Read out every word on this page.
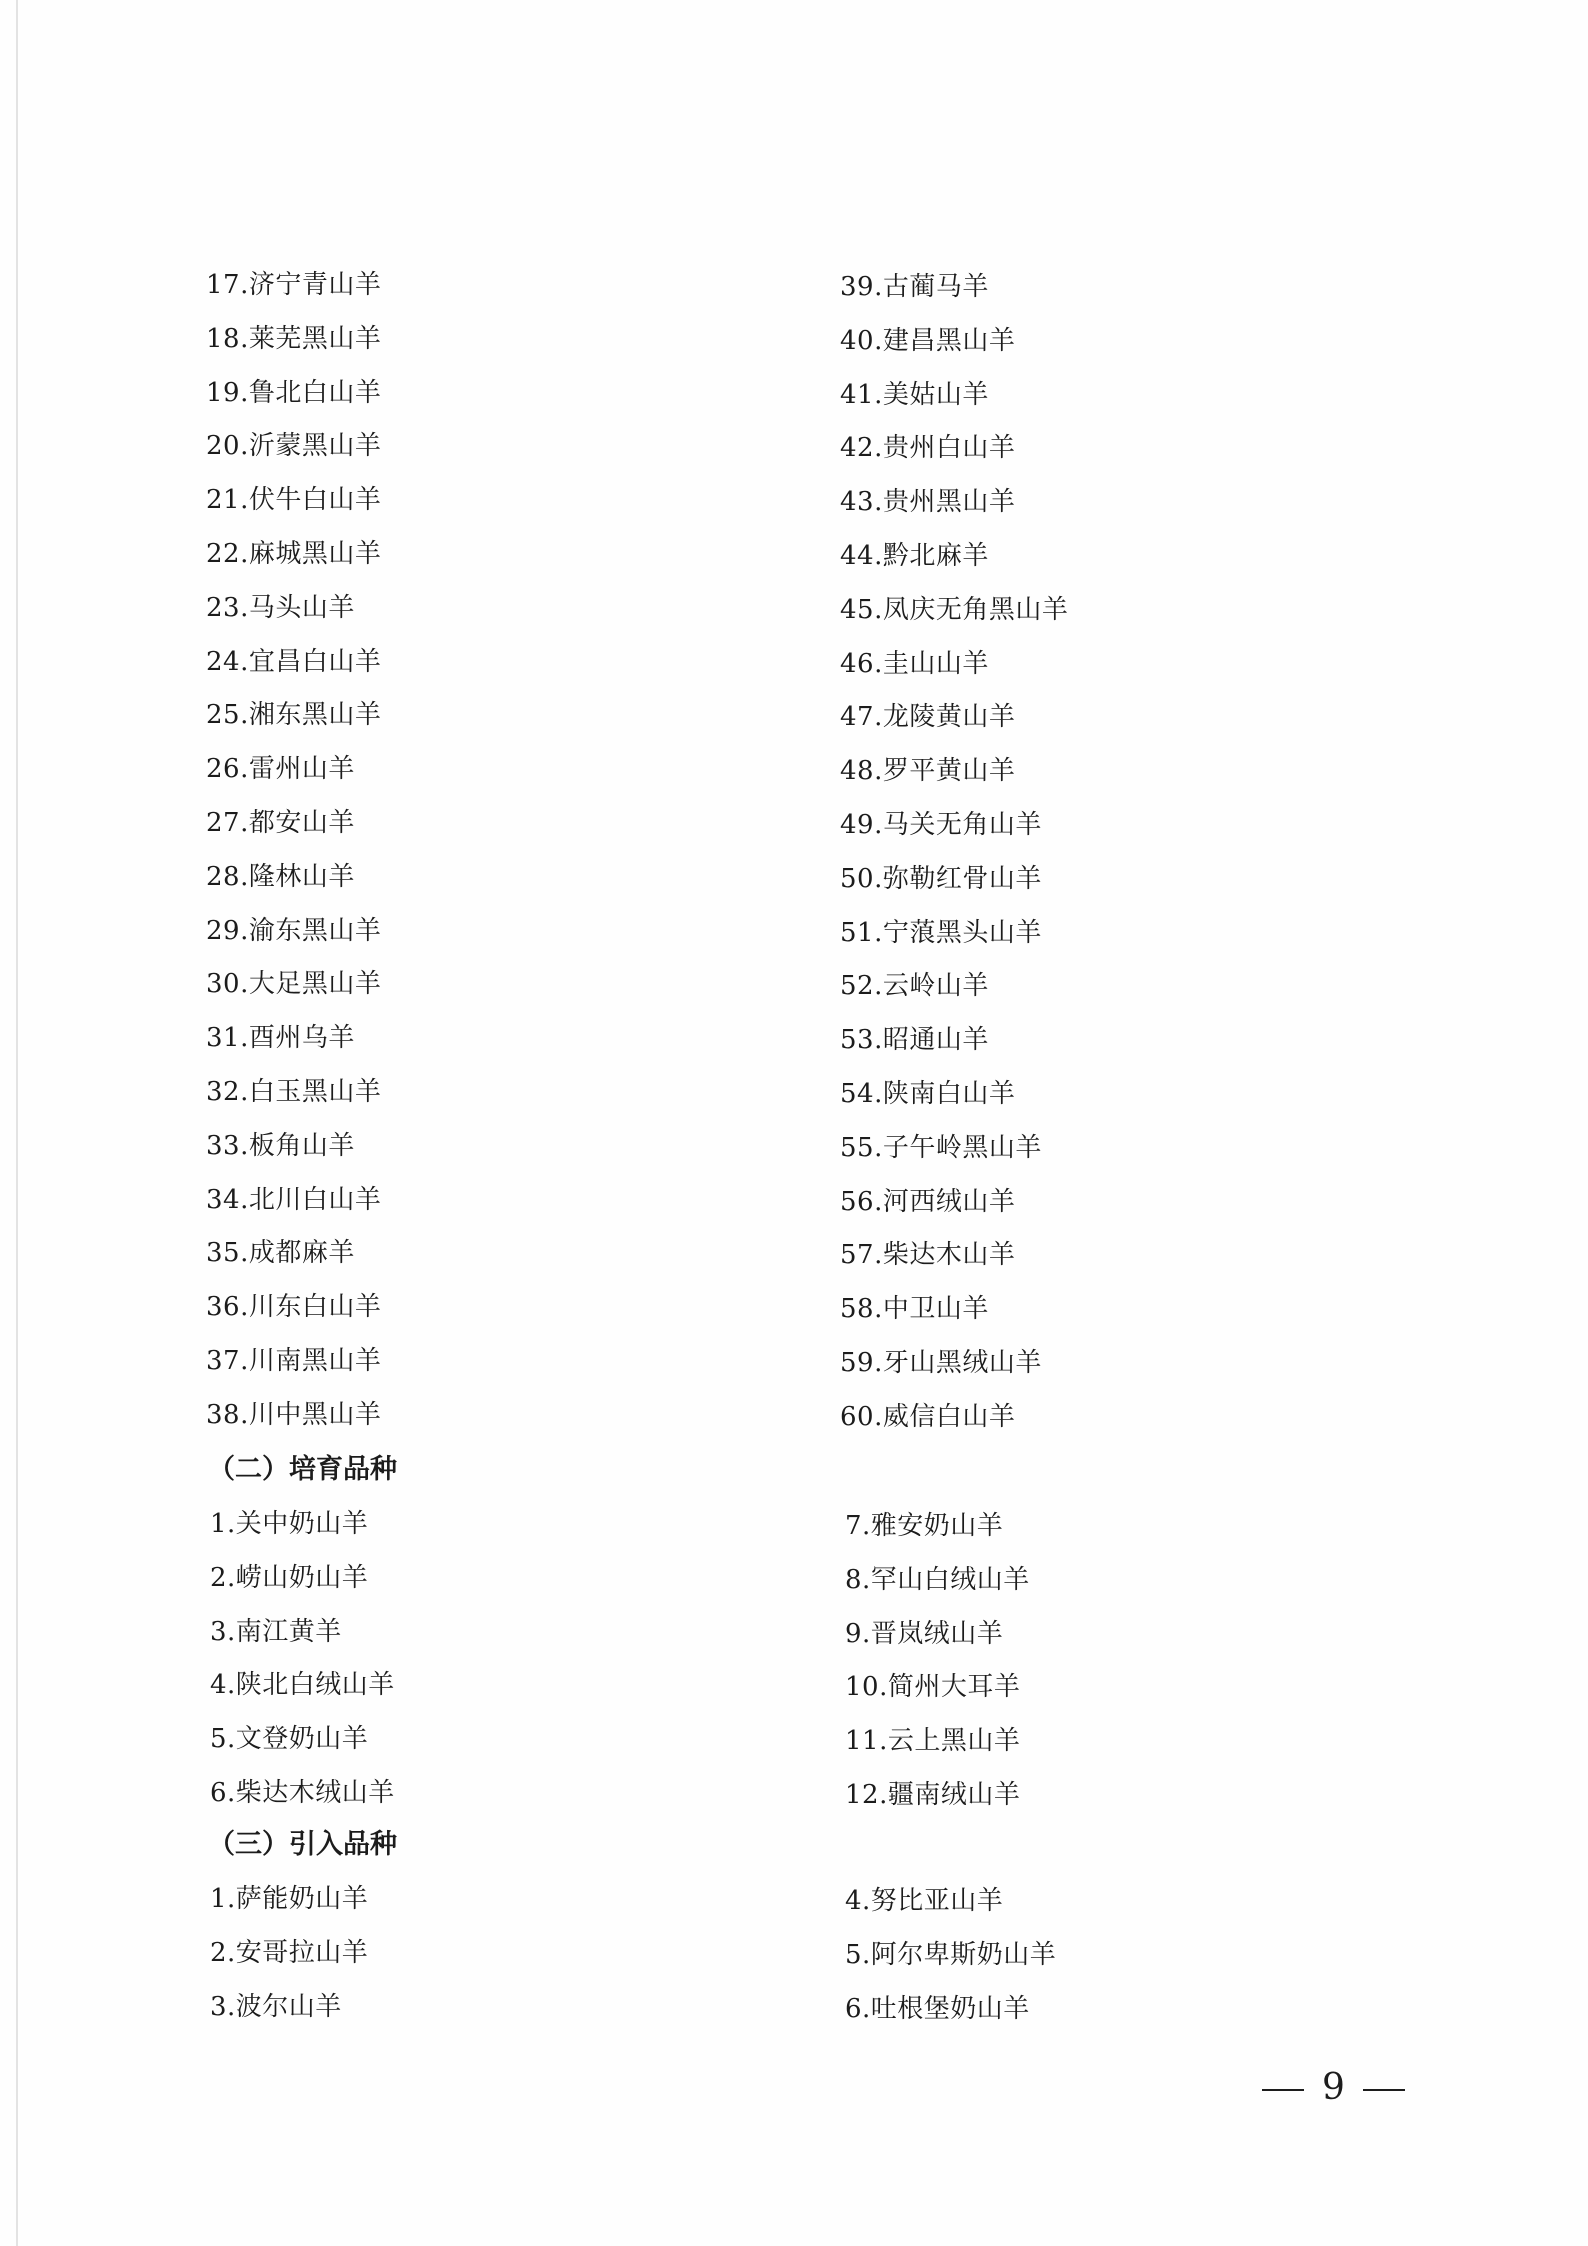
17.济宁青山羊
18.莱芜黑山羊
19.鲁北白山羊
20.沂蒙黑山羊
21.伏牛白山羊
22.麻城黑山羊
23.马头山羊
24.宜昌白山羊
25.湘东黑山羊
26.雷州山羊
27.都安山羊
28.隆林山羊
29.渝东黑山羊
30.大足黑山羊
31.酉州乌羊
32.白玉黑山羊
33.板角山羊
34.北川白山羊
35.成都麻羊
36.川东白山羊
37.川南黑山羊
38.川中黑山羊
39.古蔺马羊
40.建昌黑山羊
41.美姑山羊
42.贵州白山羊
43.贵州黑山羊
44.黔北麻羊
45.凤庆无角黑山羊
46.圭山山羊
47.龙陵黄山羊
48.罗平黄山羊
49.马关无角山羊
50.弥勒红骨山羊
51.宁蒗黑头山羊
52.云岭山羊
53.昭通山羊
54.陕南白山羊
55.子午岭黑山羊
56.河西绒山羊
57.柴达木山羊
58.中卫山羊
59.牙山黑绒山羊
60.威信白山羊
（二）培育品种
1.关中奶山羊
2.崂山奶山羊
3.南江黄羊
4.陕北白绒山羊
5.文登奶山羊
6.柴达木绒山羊
7.雅安奶山羊
8.罕山白绒山羊
9.晋岚绒山羊
10.简州大耳羊
11.云上黑山羊
12.疆南绒山羊
（三）引入品种
1.萨能奶山羊
2.安哥拉山羊
3.波尔山羊
4.努比亚山羊
5.阿尔卑斯奶山羊
6.吐根堡奶山羊
9
